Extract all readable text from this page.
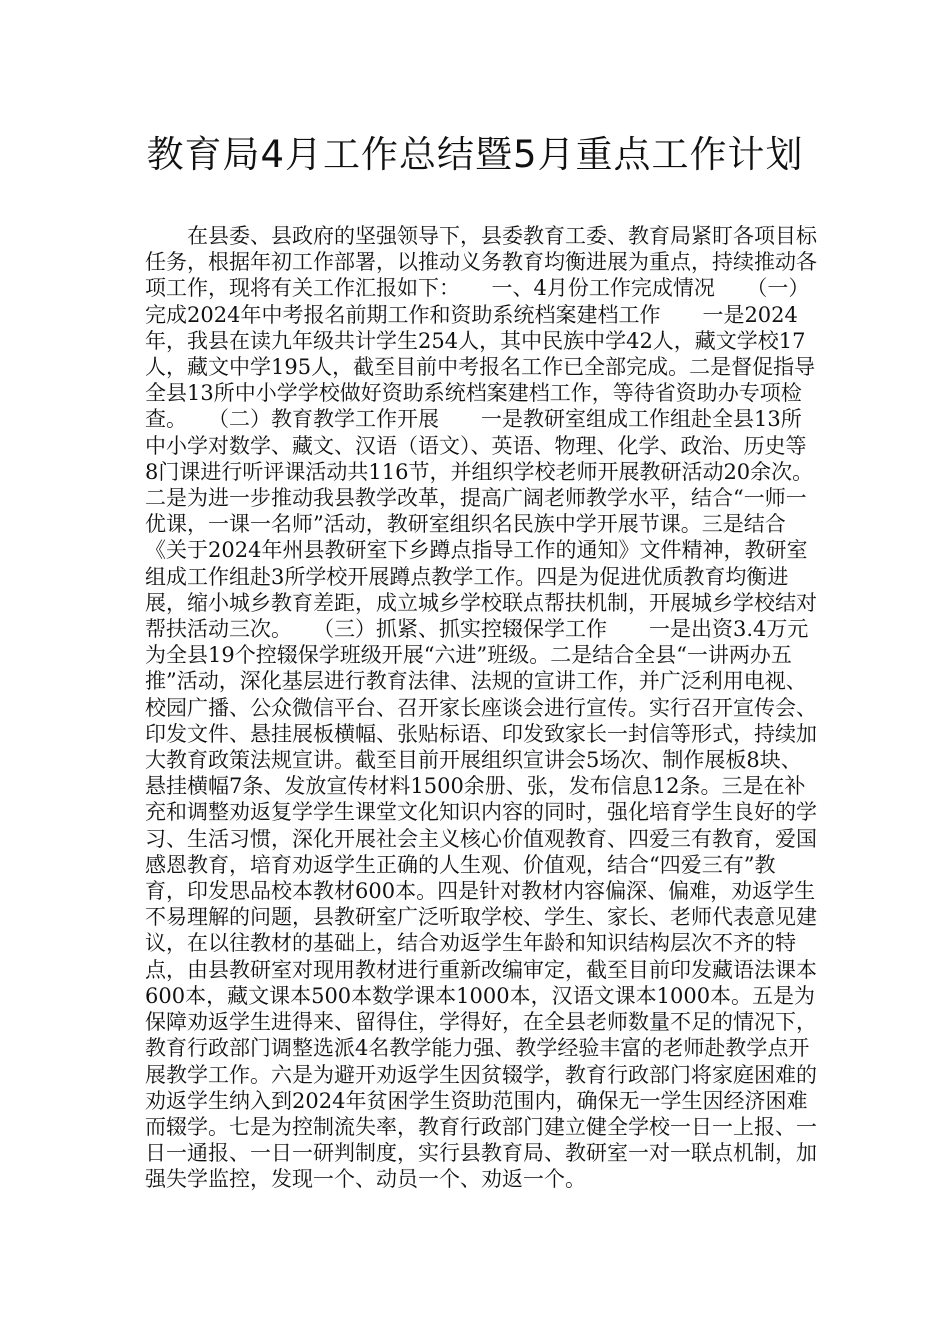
教育局4月工作总结暨5月重点工作计划

在县委、县政府的坚强领导下，县委教育工委、教育局紧盯各项目标任务，根据年初工作部署，以推动义务教育均衡进展为重点，持续推动各项工作，现将有关工作汇报如下：　　一、4月份工作完成情况　　（一）完成2024年中考报名前期工作和资助系统档案建档工作　　一是2024年，我县在读九年级共计学生254人，其中民族中学42人，藏文学校17人，藏文中学195人，截至目前中考报名工作已全部完成。二是督促指导全县13所中小学学校做好资助系统档案建档工作，等待省资助办专项检查。　　（二）教育教学工作开展　　一是教研室组成工作组赴全县13所中小学对数学、藏文、汉语（语文）、英语、物理、化学、政治、历史等8门课进行听评课活动共116节，并组织学校老师开展教研活动20余次。二是为进一步推动我县教学改革，提高广阔老师教学水平，结合“一师一优课，一课一名师”活动，教研室组织名民族中学开展节课。三是结合《关于2024年州县教研室下乡蹲点指导工作的通知》文件精神，教研室组成工作组赴3所学校开展蹲点教学工作。四是为促进优质教育均衡进展，缩小城乡教育差距，成立城乡学校联点帮扶机制，开展城乡学校结对帮扶活动三次。　　（三）抓紧、抓实控辍保学工作　　一是出资3.4万元为全县19个控辍保学班级开展“六进”班级。二是结合全县“一讲两办五推”活动，深化基层进行教育法律、法规的宣讲工作，并广泛利用电视、校园广播、公众微信平台、召开家长座谈会进行宣传。实行召开宣传会、印发文件、悬挂展板横幅、张贴标语、印发致家长一封信等形式，持续加大教育政策法规宣讲。截至目前开展组织宣讲会5场次、制作展板8块、悬挂横幅7条、发放宣传材料1500余册、张，发布信息12条。三是在补充和调整劝返复学学生课堂文化知识内容的同时，强化培育学生良好的学习、生活习惯，深化开展社会主义核心价值观教育、四爱三有教育，爱国感恩教育，培育劝返学生正确的人生观、价值观，结合“四爱三有”教育，印发思品校本教材600本。四是针对教材内容偏深、偏难，劝返学生不易理解的问题，县教研室广泛听取学校、学生、家长、老师代表意见建议，在以往教材的基础上，结合劝返学生年龄和知识结构层次不齐的特点，由县教研室对现用教材进行重新改编审定，截至目前印发藏语法课本600本，藏文课本500本数学课本1000本，汉语文课本1000本。五是为保障劝返学生进得来、留得住，学得好，在全县老师数量不足的情况下，教育行政部门调整选派4名教学能力强、教学经验丰富的老师赴教学点开展教学工作。六是为避开劝返学生因贫辍学，教育行政部门将家庭困难的劝返学生纳入到2024年贫困学生资助范围内，确保无一学生因经济困难而辍学。七是为控制流失率，教育行政部门建立健全学校一日一上报、一日一通报、一日一研判制度，实行县教育局、教研室一对一联点机制，加强失学监控，发现一个、动员一个、劝返一个。
